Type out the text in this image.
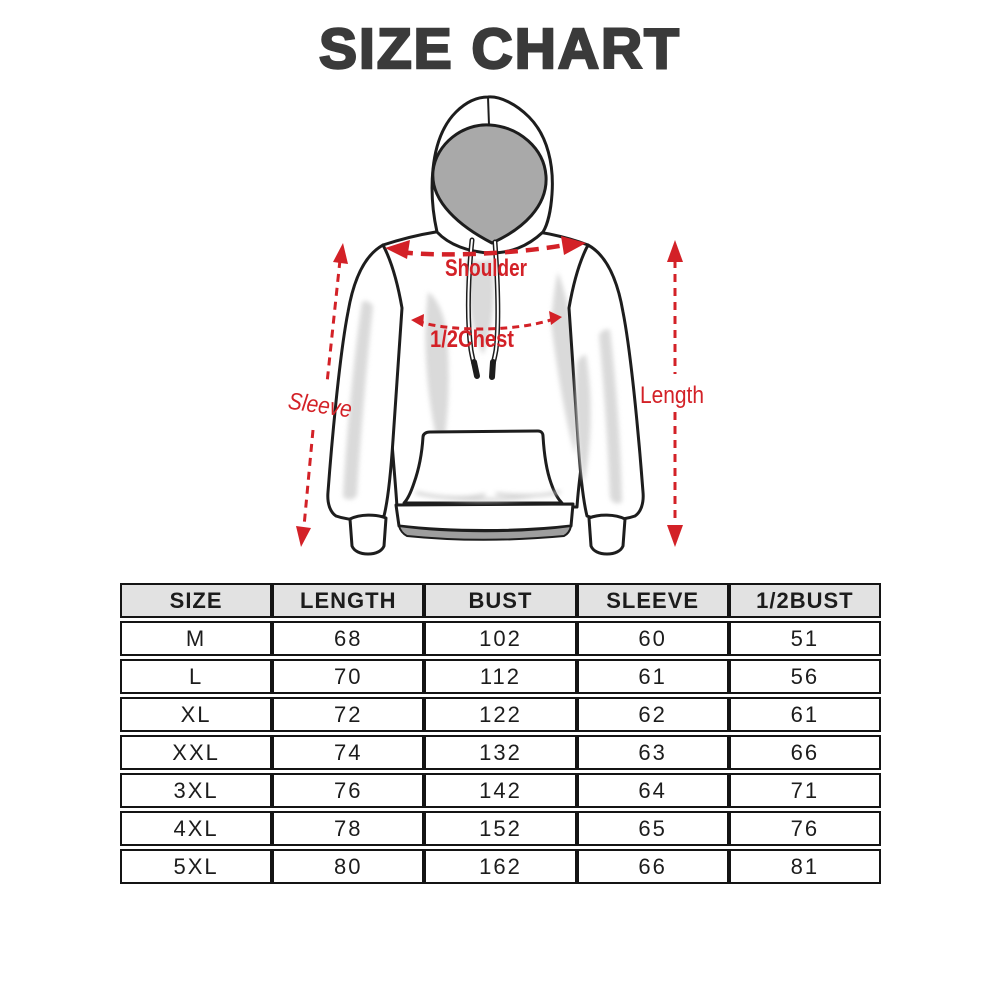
SIZE CHART
Shoulder
1/2Chest
Sleeve	Length
SIZE	LENGTH	BUST	SLEEVE	1/2BUST
M	68	102	60	51
L	70	112	61	56
XL	72	122	62	61
XXL	74	132	63	66
3XL	76	142	64	71
4XL	78	152	65	76
5XL	80	162	66	81
